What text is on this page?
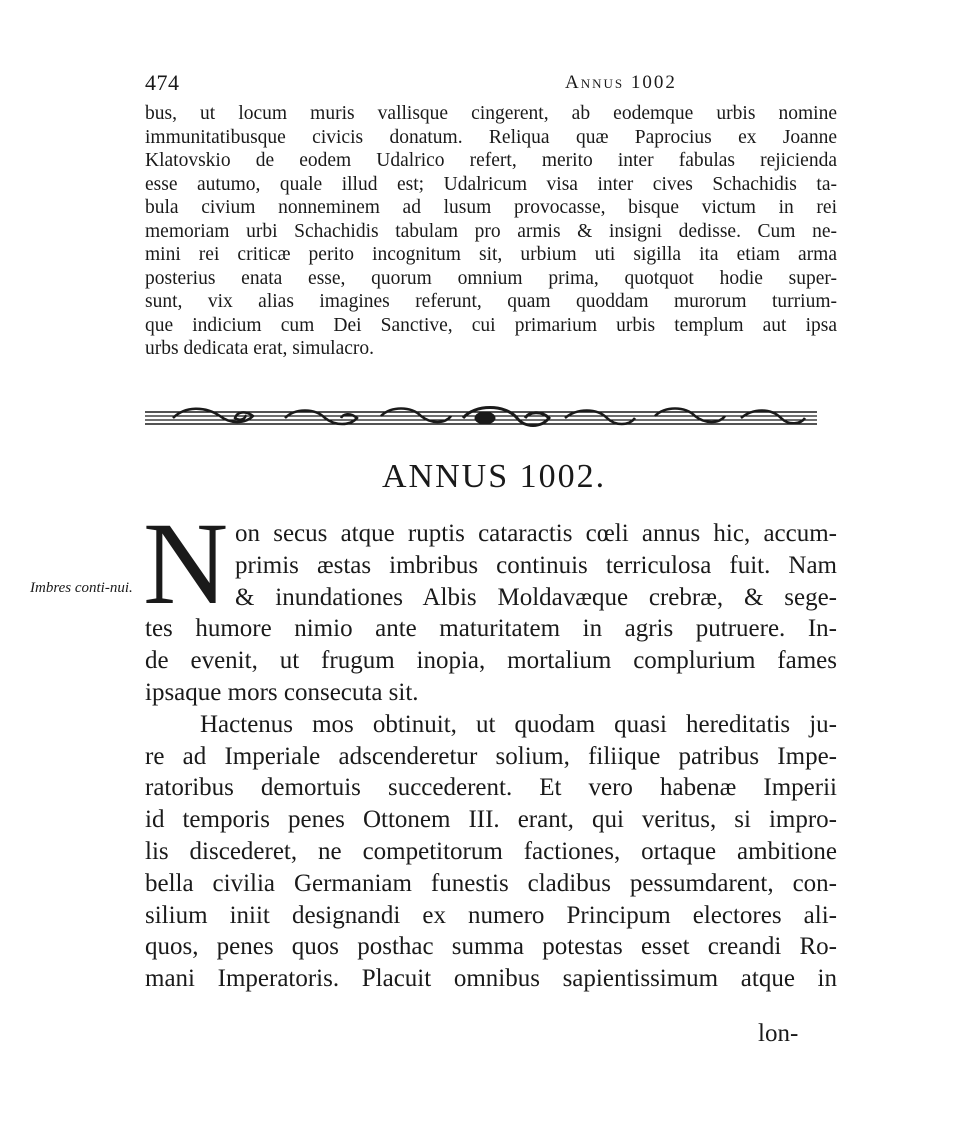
474	Annus 1002
bus, ut locum muris vallisque cingerent, ab eodemque urbis nomine
immunitatibusque civicis donatum. Reliqua quæ Paprocius ex Joanne
Klatovskio de eodem Udalrico refert, merito inter fabulas rejicienda
esse autumo, quale illud est; Udalricum visa inter cives Schachidis ta-
bula civium nonneminem ad lusum provocasse, bisque victum in rei
memoriam urbi Schachidis tabulam pro armis & insigni dedisse. Cum ne-
mini rei criticæ perito incognitum sit, urbium uti sigilla ita etiam arma
posterius enata esse, quorum omnium prima, quotquot hodie super-
sunt, vix alias imagines referunt, quam quoddam murorum turrium-
que indicium cum Dei Sanctive, cui primarium urbis templum aut ipsa
urbs dedicata erat, simulacro.
ANNUS 1002.
N
Imbres conti-nui.
on secus atque ruptis cataractis cœli annus hic, accum-
primis æstas imbribus continuis terriculosa fuit. Nam
& inundationes Albis Moldavæque crebræ, & sege-
tes humore nimio ante maturitatem in agris putruere. In-
de evenit, ut frugum inopia, mortalium complurium fames
ipsaque mors consecuta sit.
Hactenus mos obtinuit, ut quodam quasi hereditatis ju-
re ad Imperiale adscenderetur solium, filiique patribus Impe-
ratoribus demortuis succederent. Et vero habenæ Imperii
id temporis penes Ottonem III. erant, qui veritus, si impro-
lis discederet, ne competitorum factiones, ortaque ambitione
bella civilia Germaniam funestis cladibus pessumdarent, con-
silium iniit designandi ex numero Principum electores ali-
quos, penes quos posthac summa potestas esset creandi Ro-
mani Imperatoris. Placuit omnibus sapientissimum atque in
lon-
